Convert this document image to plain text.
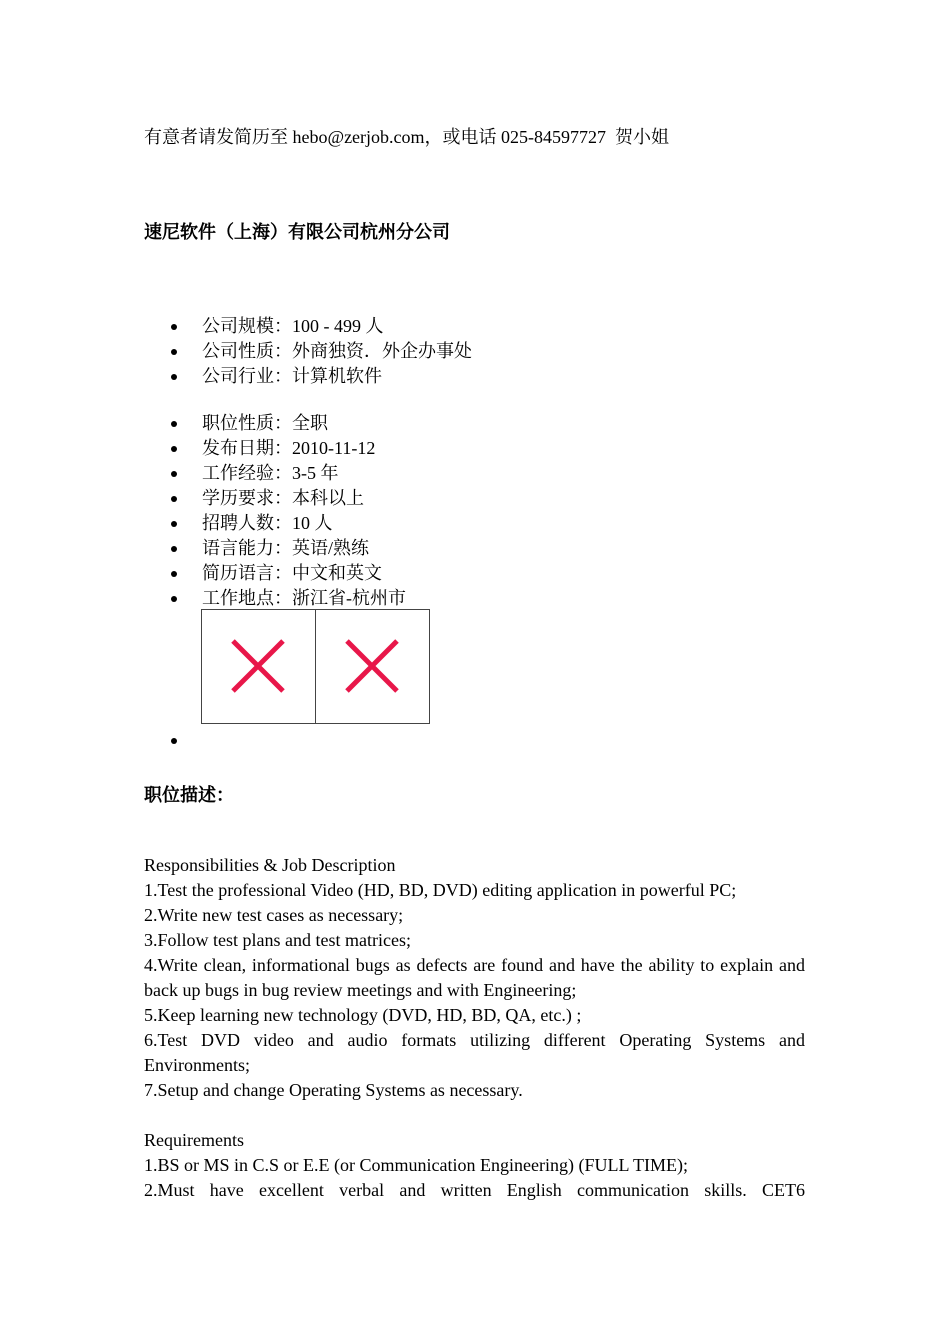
有意者请发简历至 hebo@zerjob.com，或电话 025-84597727  贺小姐
速尼软件（上海）有限公司杭州分公司
公司规模：100 - 499 人
公司性质：外商独资．外企办事处
公司行业：计算机软件
职位性质：全职
发布日期：2010-11-12
工作经验：3-5 年
学历要求：本科以上
招聘人数：10 人
语言能力：英语/熟练
简历语言：中文和英文
工作地点：浙江省-杭州市
职位描述：
Responsibilities & Job Description
1.Test the professional Video (HD, BD, DVD) editing application in powerful PC;
2.Write new test cases as necessary;
3.Follow test plans and test matrices;
4.Write clean, informational bugs as defects are found and have the ability to explain and back up bugs in bug review meetings and with Engineering;
5.Keep learning new technology (DVD, HD, BD, QA, etc.) ;
6.Test DVD video and audio formats utilizing different Operating Systems and Environments;
7.Setup and change Operating Systems as necessary.
Requirements
1.BS or MS in C.S or E.E (or Communication Engineering) (FULL TIME);
2.Must have excellent verbal and written English communication skills. CET6
